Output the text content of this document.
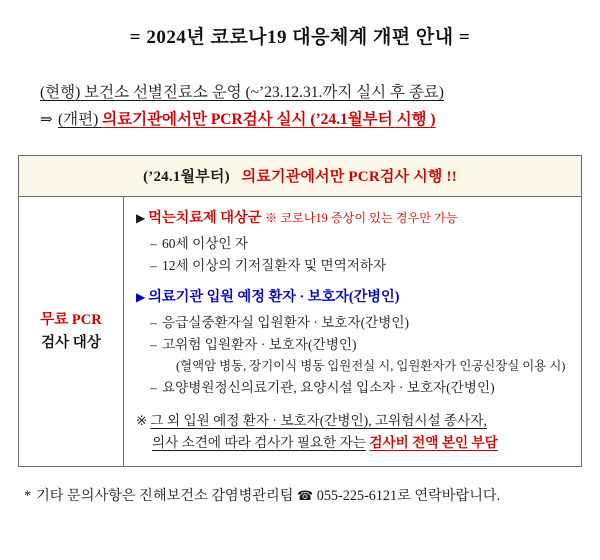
= 2024년 코로나19 대응체계 개편 안내 =
(현행) 보건소 선별진료소 운영 (~’23.12.31.까지 실시 후 종료)
⇒ (개편) 의료기관에서만 PCR검사 실시 (’24.1월부터 시행 )
(’24.1월부터) 의료기관에서만 PCR검사 시행 !!
무료 PCR
검사 대상
▶ 먹는치료제 대상군 ※ 코로나19 증상이 있는 경우만 가능
– 60세 이상인 자
– 12세 이상의 기저질환자 및 면역저하자
▶ 의료기관 입원 예정 환자 · 보호자(간병인)
– 응급실중환자실 입원환자 · 보호자(간병인)
– 고위험 입원환자 · 보호자(간병인)
(혈액암 병동, 장기이식 병동 입원전실 시, 입원환자가 인공신장실 이용 시)
– 요양병원정신의료기관, 요양시설 입소자 · 보호자(간병인)
※ 그 외 입원 예정 환자 · 보호자(간병인), 고위험시설 종사자,
의사 소견에 따라 검사가 필요한 자는 검사비 전액 본인 부담
* 기타 문의사항은 진해보건소 감염병관리팀 ☎ 055-225-6121로 연락바랍니다.
